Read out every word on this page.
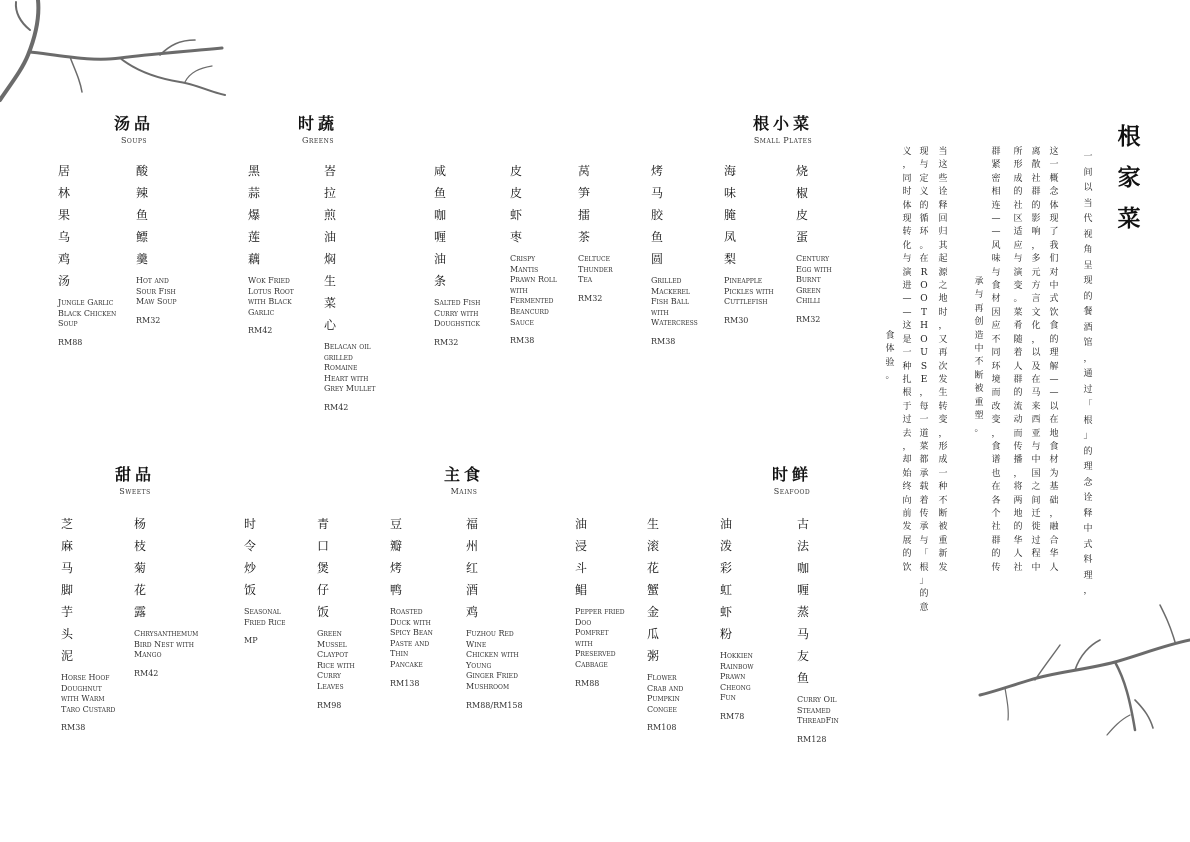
汤品
Soups
时蔬
Greens
根小菜
Small Plates
甜品
Sweets
主食
Mains
时鲜
Seafood
居
林
果
乌
鸡
汤
Jungle Garlic Black Chicken Soup
RM88
酸
辣
鱼
鳔
羹
Hot and Sour Fish Maw Soup
RM32
黑
蒜
爆
莲
藕
Wok Fried Lotus Root with Black Garlic
RM42
峇
拉
煎
油
焖
生
菜
心
Belacan oil grilled Romaine Heart with Grey Mullet
RM42
咸
鱼
咖
喱
油
条
Salted Fish Curry with Doughstick
RM32
皮
皮
虾
枣
Crispy Mantis Prawn Roll with Fermented Beancurd Sauce
RM38
莴
笋
擂
茶
Celtuce Thunder Tea
RM32
烤
马
胶
鱼
圆
Grilled Mackerel Fish Ball with Watercress
RM38
海
味
腌
凤
梨
Pineapple Pickles with Cuttlefish
RM30
烧
椒
皮
蛋
Century Egg with Burnt Green Chilli
RM32
芝
麻
马
脚
芋
头
泥
Horse Hoof Doughnut with Warm Taro Custard
RM38
杨
枝
菊
花
露
Chrysanthemum Bird Nest with Mango
RM42
时
令
炒
饭
Seasonal Fried Rice
MP
青
口
煲
仔
饭
Green Mussel Claypot Rice with Curry Leaves
RM98
豆
瓣
烤
鸭
Roasted Duck with Spicy Bean Paste and Thin Pancake
RM138
福
州
红
酒
鸡
Fuzhou Red Wine Chicken with Young Ginger Fried Mushroom
RM88/RM158
油
浸
斗
鲳
Pepper fried Doo Pomfret with Preserved Cabbage
RM88
生
滚
花
蟹
金
瓜
粥
Flower Crab and Pumpkin Congee
RM108
油
泼
彩
虹
虾
粉
Hokkien Rainbow Prawn Cheong Fun
RM78
古
法
咖
喱
蒸
马
友
鱼
Curry Oil Steamed ThreadFin
RM128
根
家
菜
一
间
以
当
代
视
角
呈
现
的
餐
酒
馆
，
通
过
「
根
」
的
理
念
诠
释
中
式
料
理
，
这
一
概
念
体
现
了
我
们
对
中
式
饮
食
的
理
解
—
—
以
在
地
食
材
为
基
础
，
融
合
华
人
离
散
社
群
的
影
响
，
多
元
方
言
文
化
，
以
及
在
马
来
西
亚
与
中
国
之
间
迁
徙
过
程
中
所
形
成
的
社
区
适
应
与
演
变
。
菜
肴
随
着
人
群
的
流
动
而
传
播
，
将
两
地
的
华
人
社
群
紧
密
相
连
—
—
风
味
与
食
材
因
应
不
同
环
境
而
改
变
，
食
谱
也
在
各
个
社
群
的
传
承
与
再
创
造
中
不
断
被
重
塑
。
当
这
些
诠
释
回
归
其
起
源
之
地
时
，
又
再
次
发
生
转
变
，
形
成
一
种
不
断
被
重
新
发
现
与
定
义
的
循
环
。
在
R
O
O
T
H
O
U
S
E
，
每
一
道
菜
都
承
载
着
传
承
与
「
根
」
的
意
义
，
同
时
体
现
转
化
与
演
进
—
—
这
是
一
种
扎
根
于
过
去
，
却
始
终
向
前
发
展
的
饮
食
体
验
。
